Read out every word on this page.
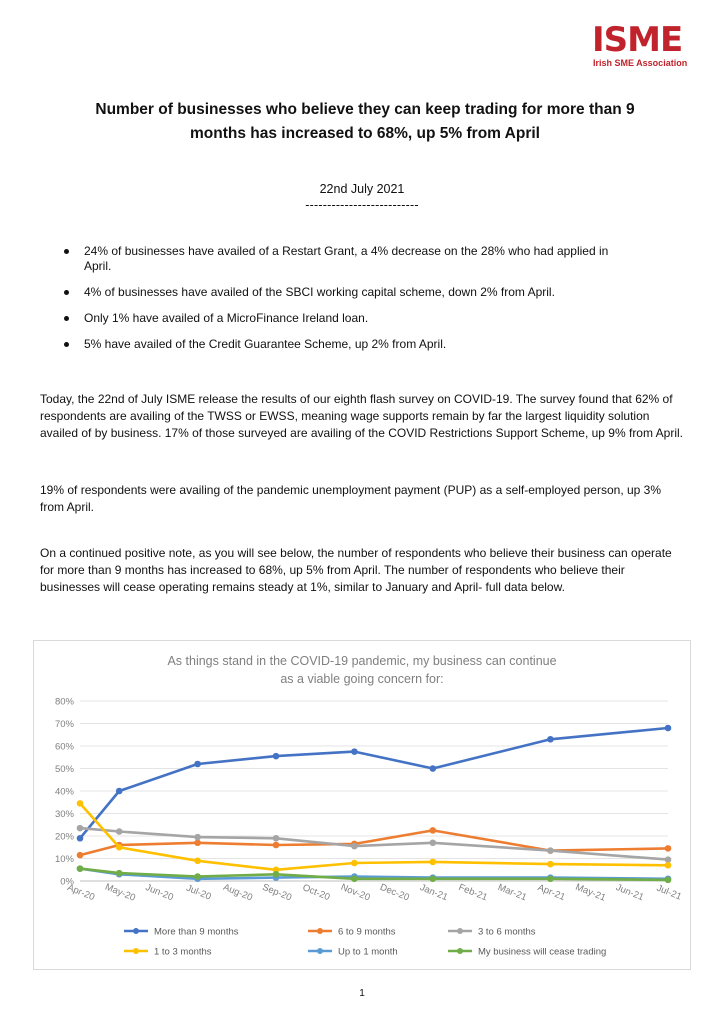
ISME
Irish SME Association
Number of businesses who believe they can keep trading for more than 9 months has increased to 68%, up 5% from April
22nd July 2021
--------------------------
24% of businesses have availed of a Restart Grant, a 4% decrease on the 28% who had applied in April.
4% of businesses have availed of the SBCI working capital scheme, down 2% from April.
Only 1% have availed of a MicroFinance Ireland loan.
5% have availed of the Credit Guarantee Scheme, up 2% from April.

Today, the 22nd of July ISME release the results of our eighth flash survey on COVID-19. The survey found that 62% of respondents are availing of the TWSS or EWSS, meaning wage supports remain by far the largest liquidity solution availed of by business. 17% of those surveyed are availing of the COVID Restrictions Support Scheme, up 9% from April.

19% of respondents were availing of the pandemic unemployment payment (PUP) as a self-employed person, up 3% from April.

On a continued positive note, as you will see below, the number of respondents who believe their business can operate for more than 9 months has increased to 68%, up 5% from April. The number of respondents who believe their businesses will cease operating remains steady at 1%, similar to January and April- full data below.

As things stand in the COVID-19 pandemic, my business can continue
as a viable going concern for:
0%
10%
20%
30%
40%
50%
60%
70%
80%
Apr-20 May-20 Jun-20 Jul-20 Aug-20 Sep-20 Oct-20 Nov-20 Dec-20 Jan-21 Feb-21 Mar-21 Apr-21 May-21 Jun-21 Jul-21
More than 9 months	6 to 9 months	3 to 6 months
1 to 3 months	Up to 1 month	My business will cease trading
1
